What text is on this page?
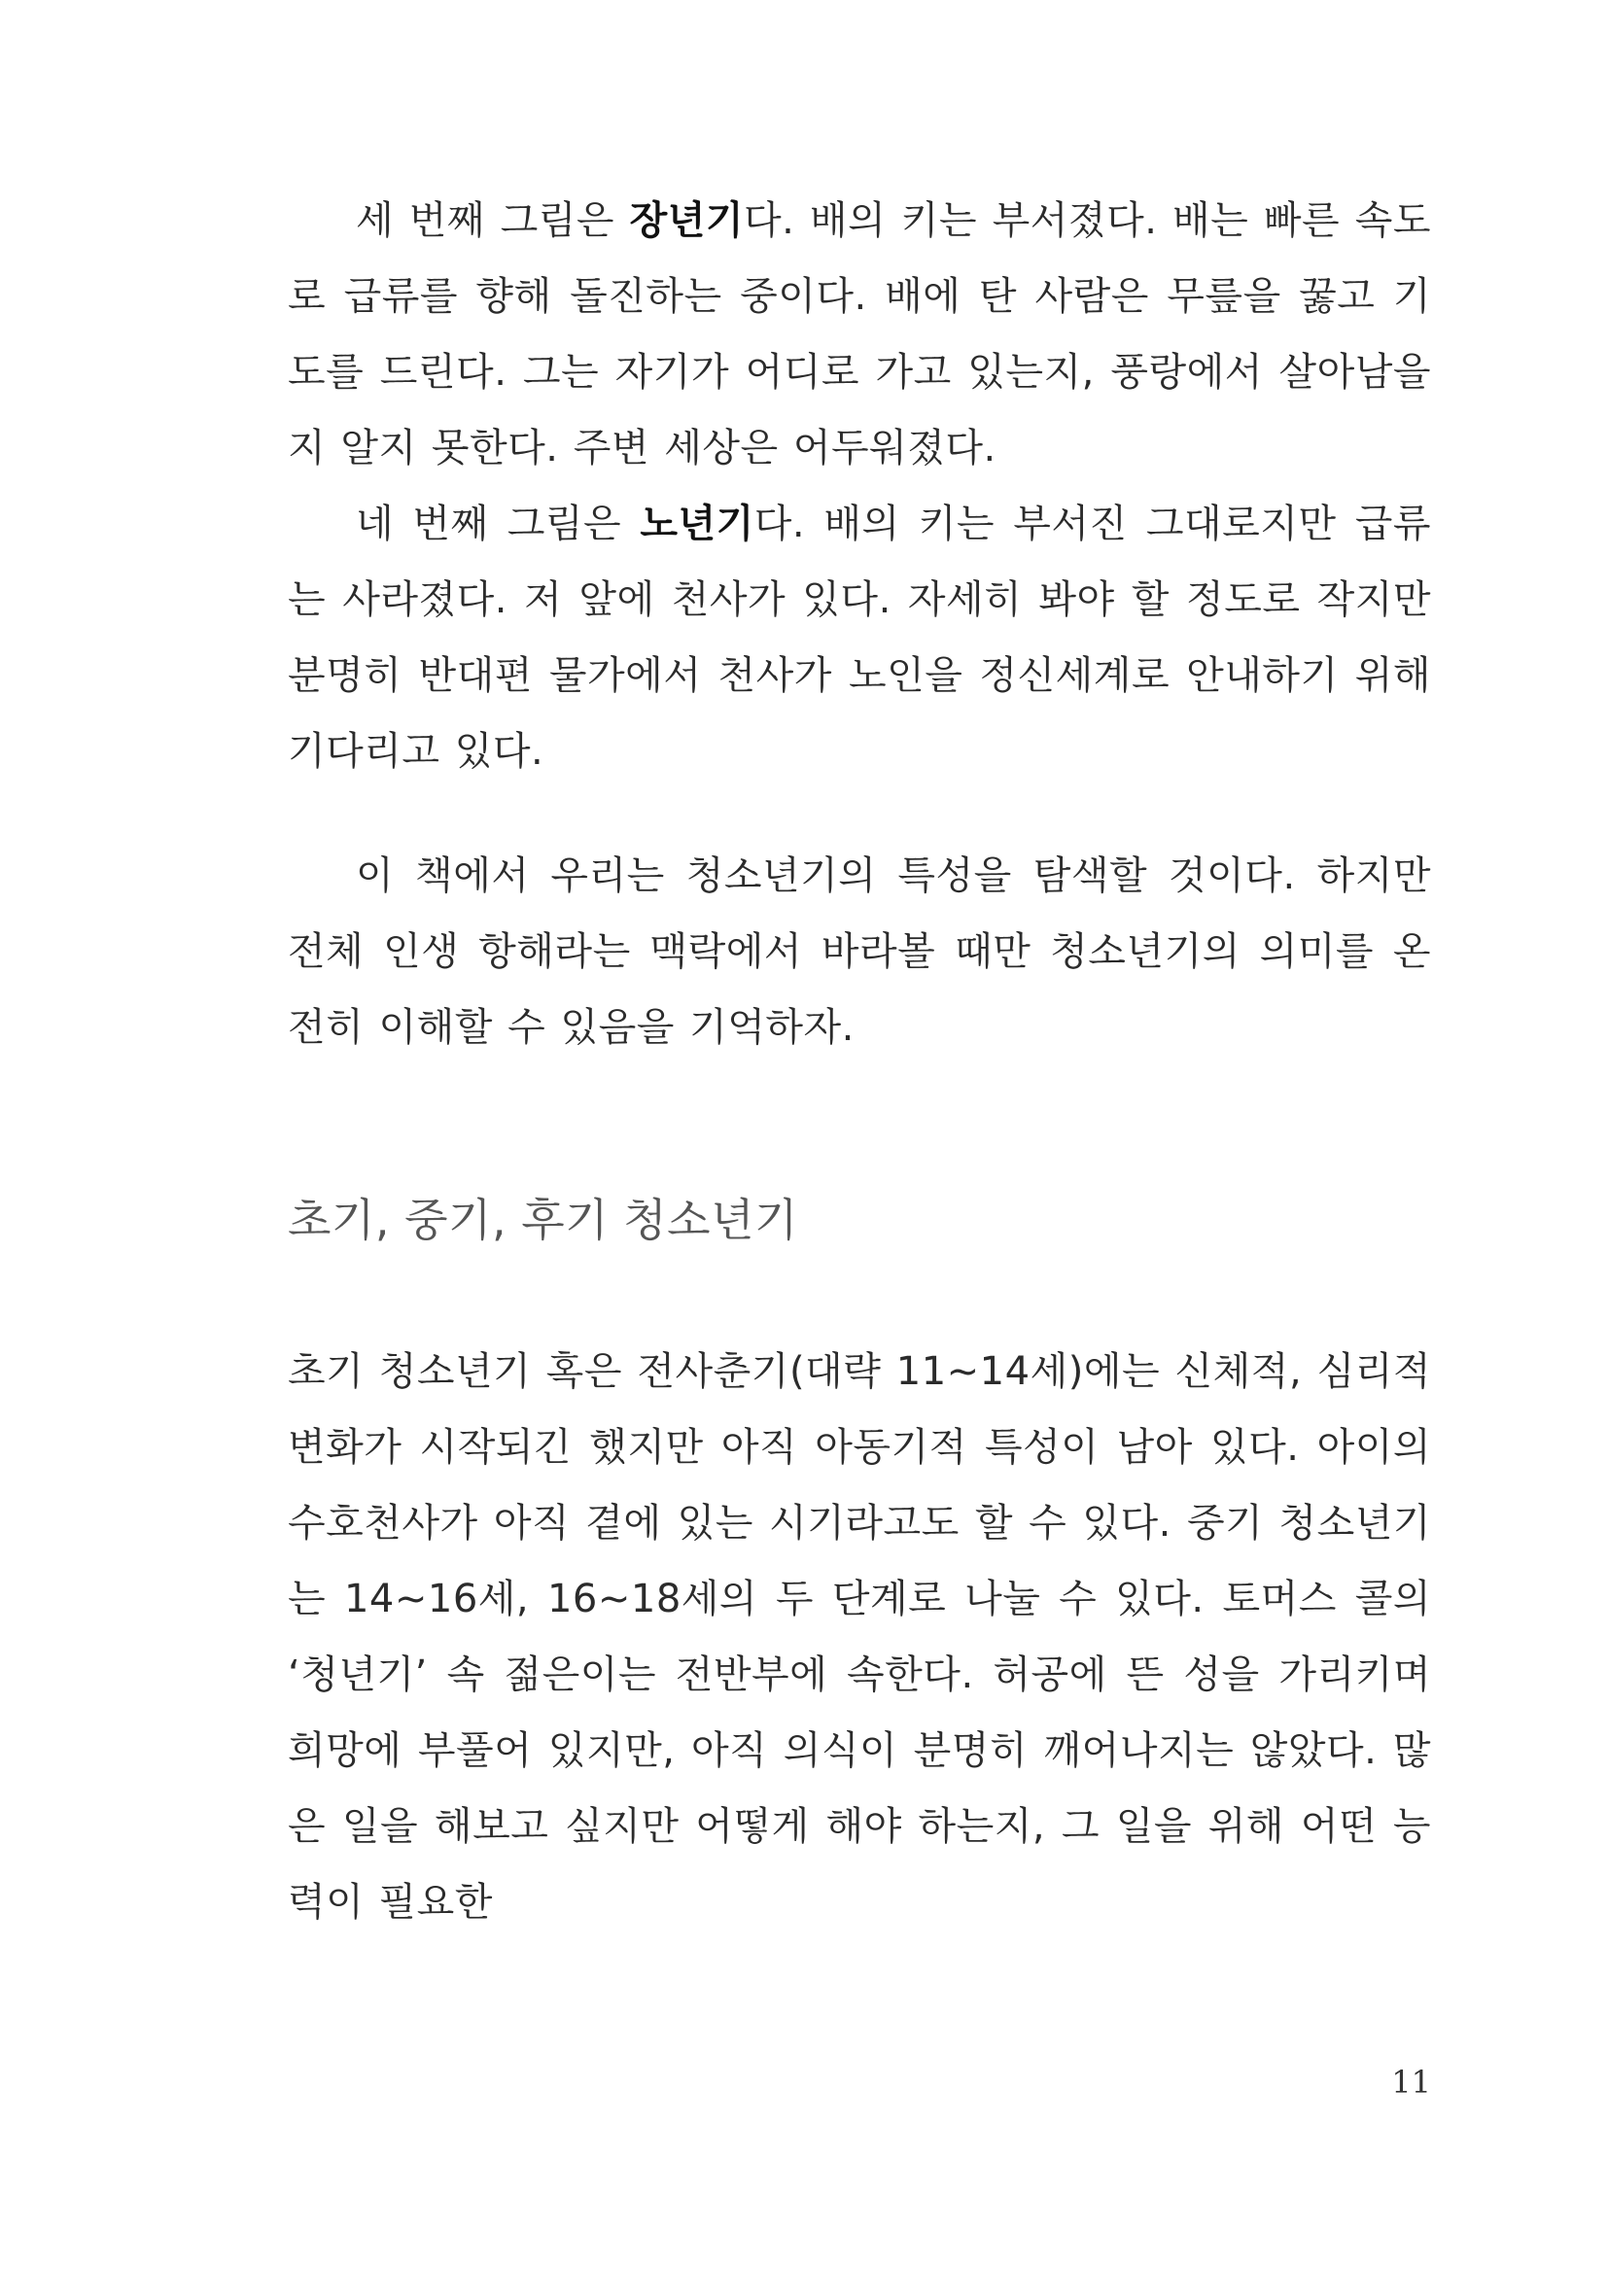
세 번째 그림은 장년기다. 배의 키는 부서졌다. 배는 빠른 속도로 급류를 향해 돌진하는 중이다. 배에 탄 사람은 무릎을 꿇고 기도를 드린다. 그는 자기가 어디로 가고 있는지, 풍랑에서 살아남을지 알지 못한다. 주변 세상은 어두워졌다.

네 번째 그림은 노년기다. 배의 키는 부서진 그대로지만 급류는 사라졌다. 저 앞에 천사가 있다. 자세히 봐야 할 정도로 작지만 분명히 반대편 물가에서 천사가 노인을 정신세계로 안내하기 위해 기다리고 있다.

이 책에서 우리는 청소년기의 특성을 탐색할 것이다. 하지만 전체 인생 항해라는 맥락에서 바라볼 때만 청소년기의 의미를 온전히 이해할 수 있음을 기억하자.

초기, 중기, 후기 청소년기

초기 청소년기 혹은 전사춘기(대략 11~14세)에는 신체적, 심리적 변화가 시작되긴 했지만 아직 아동기적 특성이 남아 있다. 아이의 수호천사가 아직 곁에 있는 시기라고도 할 수 있다. 중기 청소년기는 14~16세, 16~18세의 두 단계로 나눌 수 있다. 토머스 콜의 ‘청년기’ 속 젊은이는 전반부에 속한다. 허공에 뜬 성을 가리키며 희망에 부풀어 있지만, 아직 의식이 분명히 깨어나지는 않았다. 많은 일을 해보고 싶지만 어떻게 해야 하는지, 그 일을 위해 어떤 능력이 필요한

11
